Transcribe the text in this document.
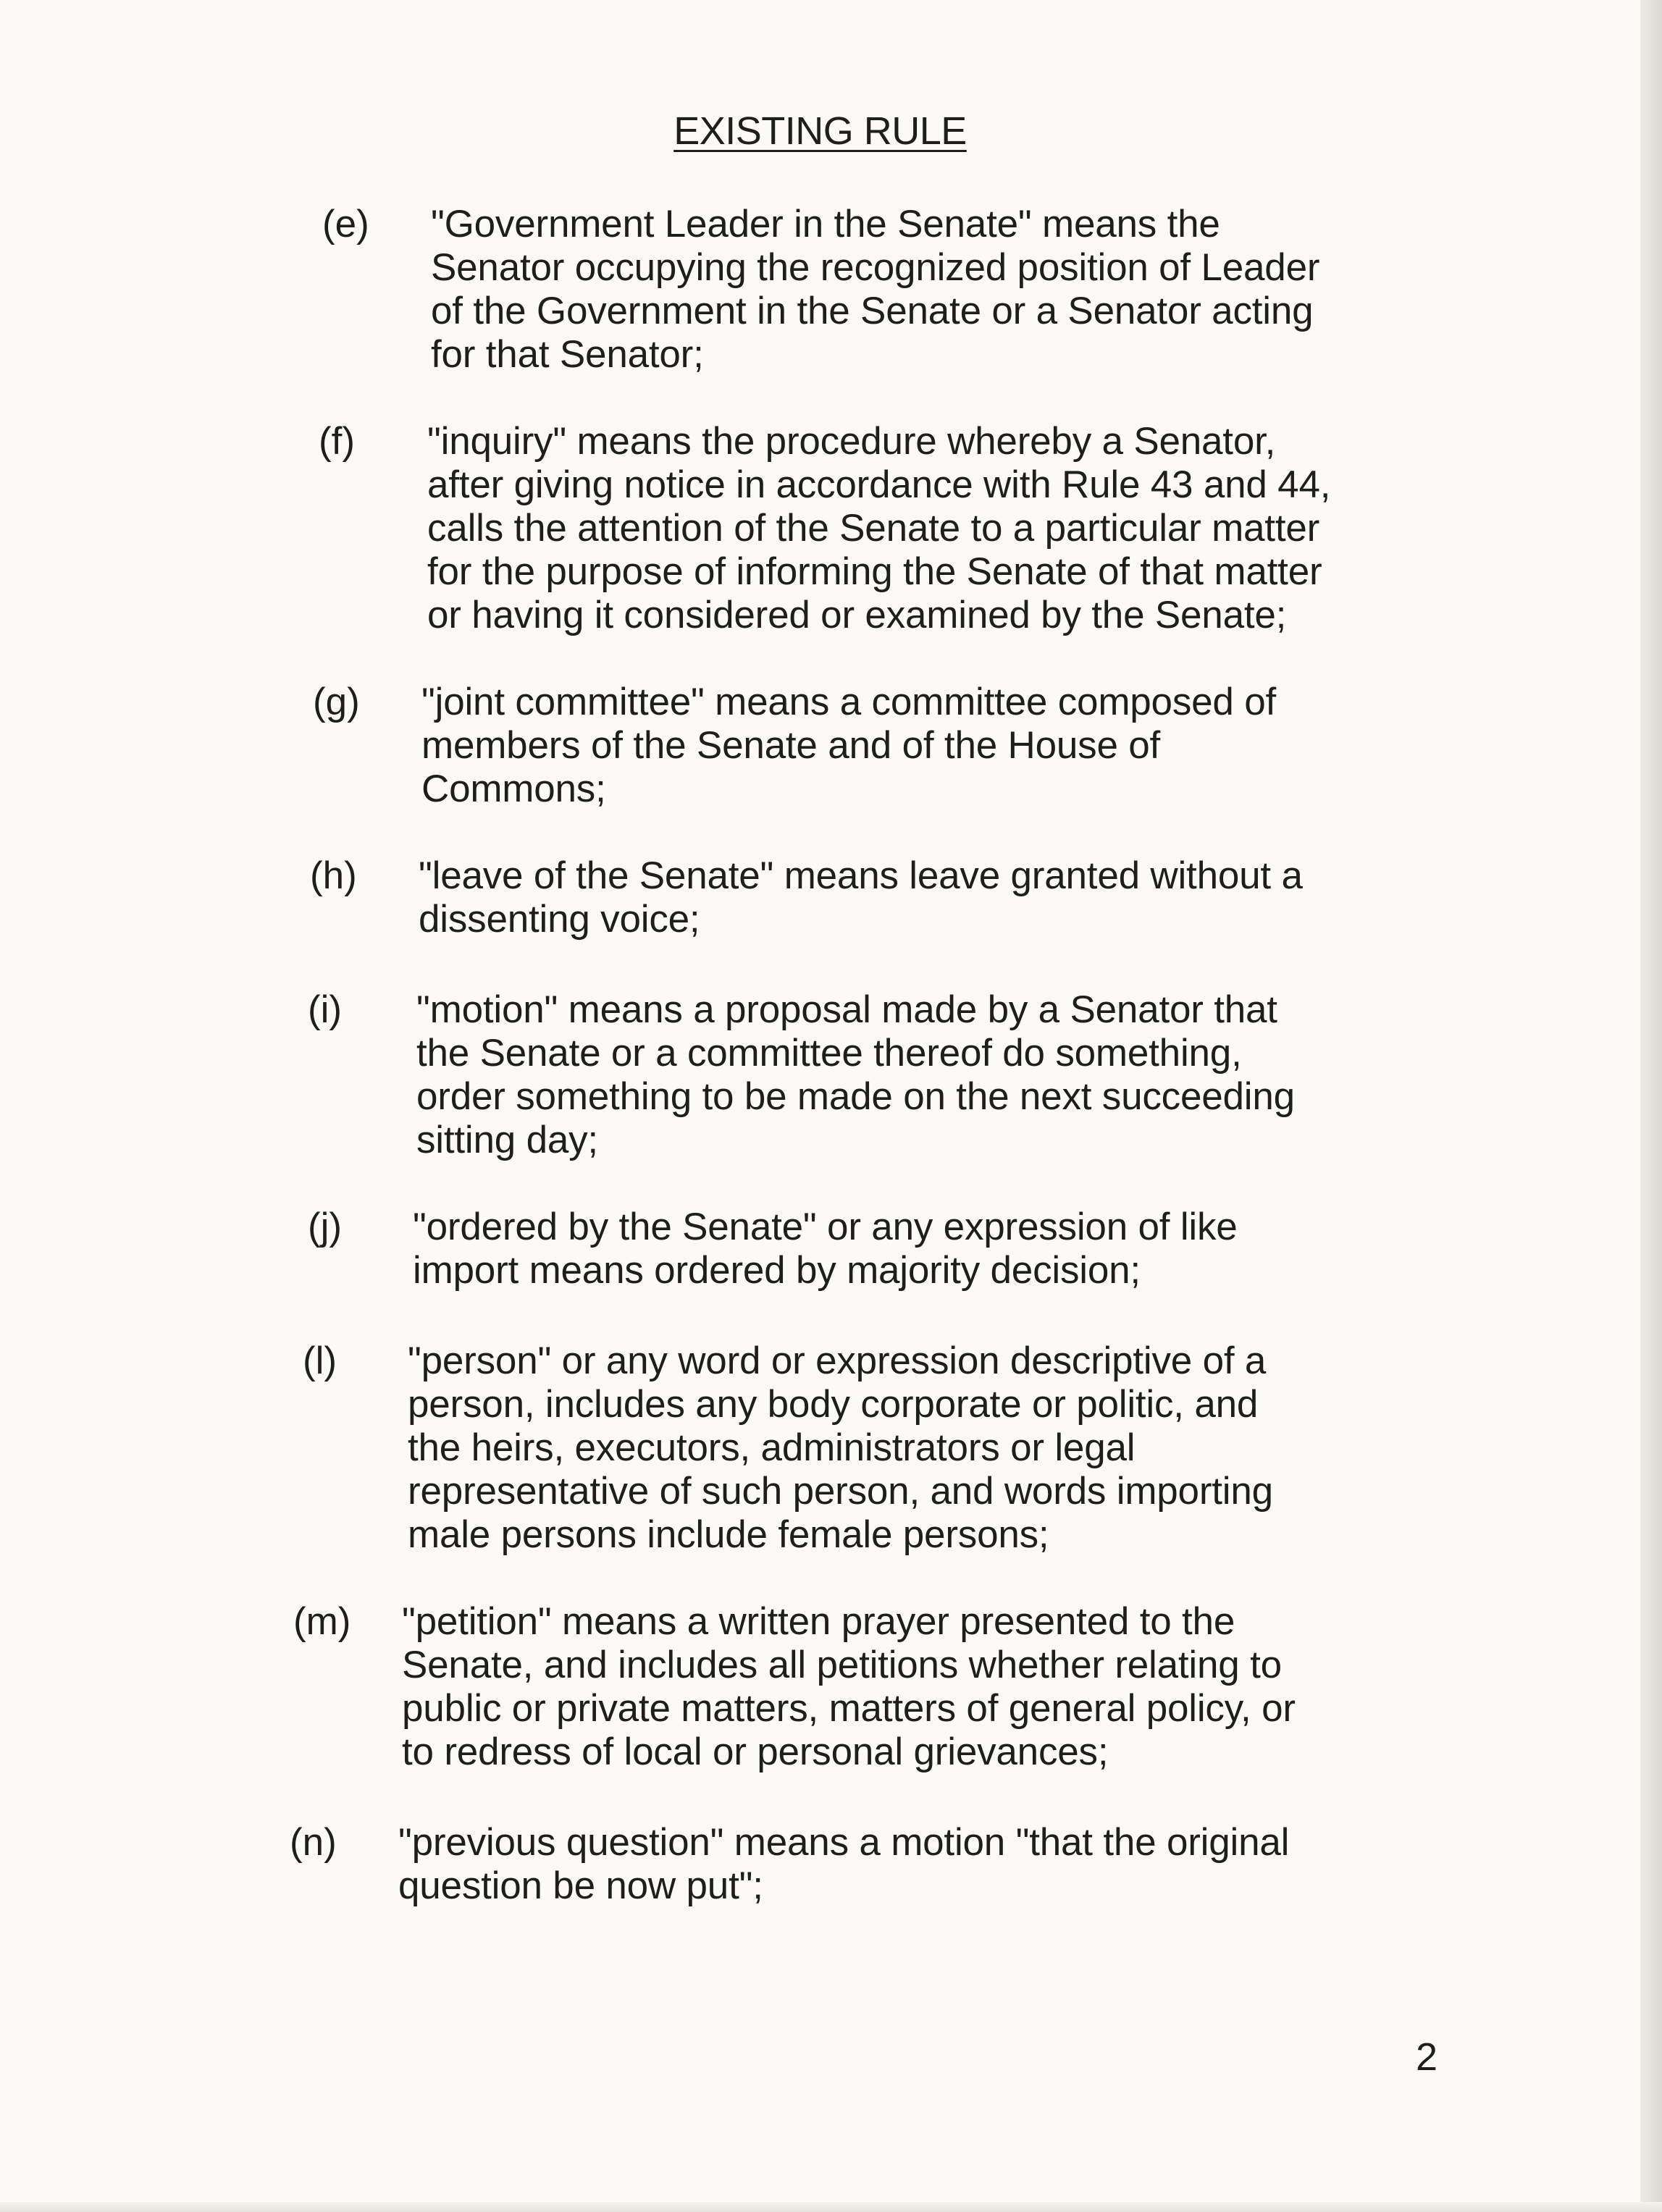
EXISTING RULE
(e) "Government Leader in the Senate" means the
Senator occupying the recognized position of Leader
of the Government in the Senate or a Senator acting
for that Senator;
(f) "inquiry" means the procedure whereby a Senator,
after giving notice in accordance with Rule 43 and 44,
calls the attention of the Senate to a particular matter
for the purpose of informing the Senate of that matter
or having it considered or examined by the Senate;
(g) "joint committee" means a committee composed of
members of the Senate and of the House of
Commons;
(h) "leave of the Senate" means leave granted without a
dissenting voice;
(i) "motion" means a proposal made by a Senator that
the Senate or a committee thereof do something,
order something to be made on the next succeeding
sitting day;
(j) "ordered by the Senate" or any expression of like
import means ordered by majority decision;
(l) "person" or any word or expression descriptive of a
person, includes any body corporate or politic, and
the heirs, executors, administrators or legal
representative of such person, and words importing
male persons include female persons;
(m) "petition" means a written prayer presented to the
Senate, and includes all petitions whether relating to
public or private matters, matters of general policy, or
to redress of local or personal grievances;
(n) "previous question" means a motion "that the original
question be now put";
2
